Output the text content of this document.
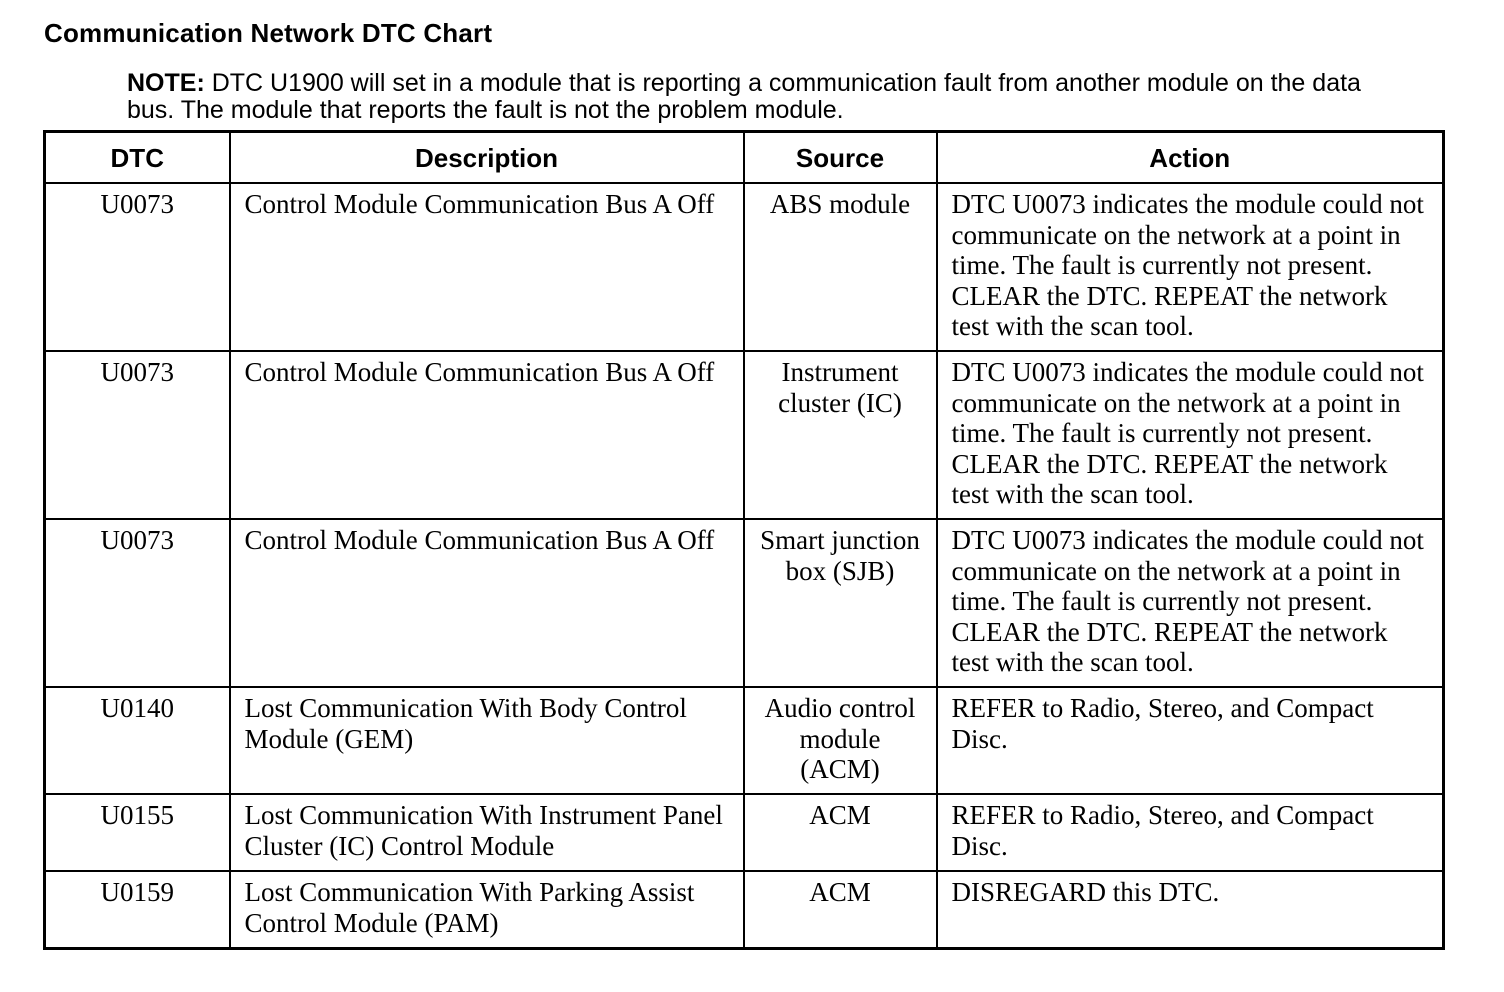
Communication Network DTC Chart
NOTE: DTC U1900 will set in a module that is reporting a communication fault from another module on the data bus. The module that reports the fault is not the problem module.
DTC	Description	Source	Action
U0073	Control Module Communication Bus A Off	ABS module	DTC U0073 indicates the module could not communicate on the network at a point in time. The fault is currently not present. CLEAR the DTC. REPEAT the network test with the scan tool.
U0073	Control Module Communication Bus A Off	Instrument cluster (IC)	DTC U0073 indicates the module could not communicate on the network at a point in time. The fault is currently not present. CLEAR the DTC. REPEAT the network test with the scan tool.
U0073	Control Module Communication Bus A Off	Smart junction box (SJB)	DTC U0073 indicates the module could not communicate on the network at a point in time. The fault is currently not present. CLEAR the DTC. REPEAT the network test with the scan tool.
U0140	Lost Communication With Body Control Module (GEM)	Audio control module (ACM)	REFER to Radio, Stereo, and Compact Disc.
U0155	Lost Communication With Instrument Panel Cluster (IC) Control Module	ACM	REFER to Radio, Stereo, and Compact Disc.
U0159	Lost Communication With Parking Assist Control Module (PAM)	ACM	DISREGARD this DTC.
